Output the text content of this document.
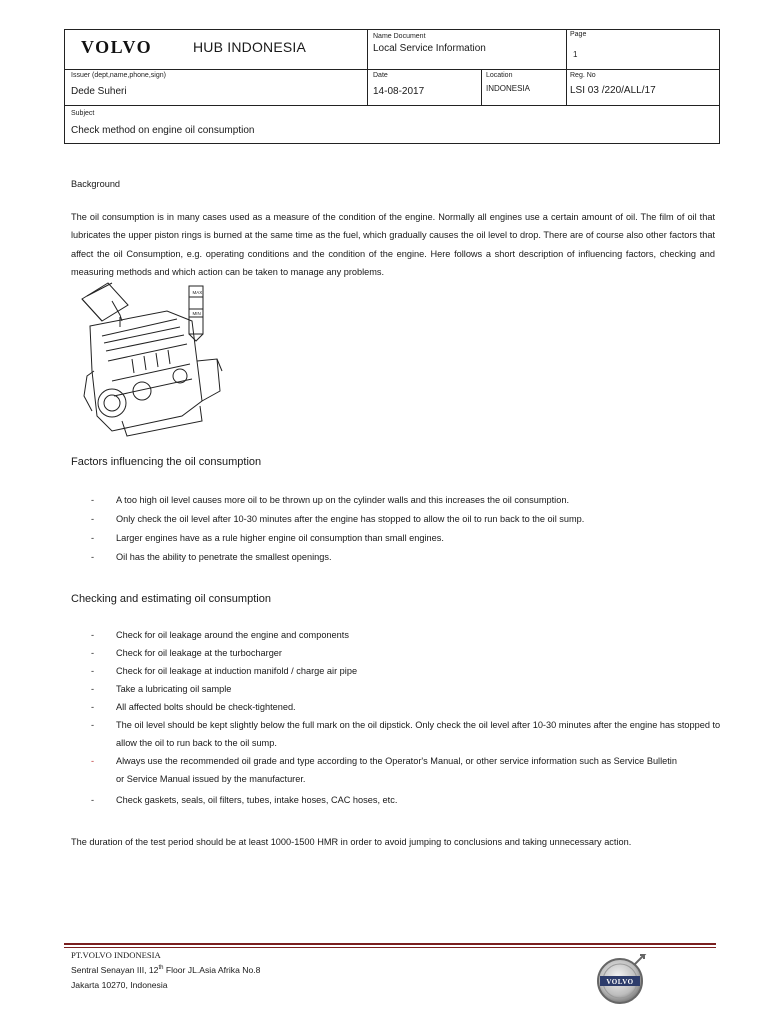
VOLVO	HUB INDONESIA
Name Document
Local Service Information
Page
1
Issuer (dept,name,phone,sign)
Dede Suheri
Date
14-08-2017
Location
INDONESIA
Reg. No
LSI 03 /220/ALL/17
Subject
Check method on engine oil consumption
Background
The oil consumption is in many cases used as a measure of the condition of the engine. Normally all engines use a certain amount of oil. The film of oil that lubricates the upper piston rings is burned at the same time as the fuel, which gradually causes the oil level to drop. There are of course also other factors that affect the oil Consumption, e.g. operating conditions and the condition of the engine. Here follows a short description of influencing factors, checking and measuring methods and which action can be taken to manage any problems.
MAX
MIN
Factors influencing the oil consumption
- A too high oil level causes more oil to be thrown up on the cylinder walls and this increases the oil consumption.
- Only check the oil level after 10-30 minutes after the engine has stopped to allow the oil to run back to the oil sump.
- Larger engines have as a rule higher engine oil consumption than small engines.
- Oil has the ability to penetrate the smallest openings.
Checking and estimating oil consumption
- Check for oil leakage around the engine and components
- Check for oil leakage at the turbocharger
- Check for oil leakage at induction manifold / charge air pipe
- Take a lubricating oil sample
- All affected bolts should be check-tightened.
- The oil level should be kept slightly below the full mark on the oil dipstick. Only check the oil level after 10-30 minutes after the engine has stopped to allow the oil to run back to the oil sump.
- Always use the recommended oil grade and type according to the Operator's Manual, or other service information such as Service Bulletin or Service Manual issued by the manufacturer.
- Check gaskets, seals, oil filters, tubes, intake hoses, CAC hoses, etc.
The duration of the test period should be at least 1000-1500 HMR in order to avoid jumping to conclusions and taking unnecessary action.
PT.VOLVO INDONESIA
Sentral Senayan III, 12th Floor JL.Asia Afrika No.8
Jakarta 10270, Indonesia	VOLVO
